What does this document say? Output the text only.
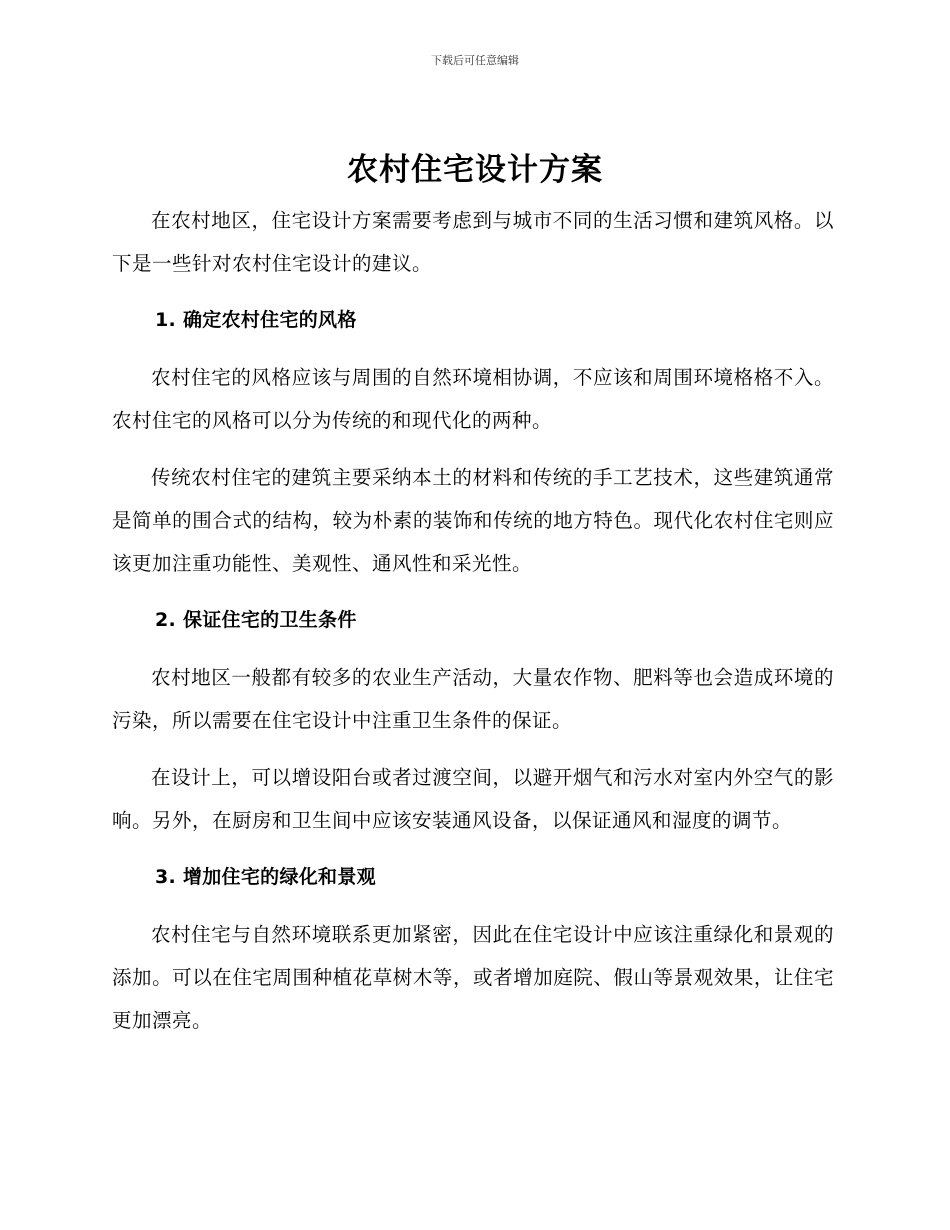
下载后可任意编辑
农村住宅设计方案

在农村地区，住宅设计方案需要考虑到与城市不同的生活习惯和建筑风格。以下是一些针对农村住宅设计的建议。

1. 确定农村住宅的风格

农村住宅的风格应该与周围的自然环境相协调，不应该和周围环境格格不入。农村住宅的风格可以分为传统的和现代化的两种。

传统农村住宅的建筑主要采纳本土的材料和传统的手工艺技术，这些建筑通常是简单的围合式的结构，较为朴素的装饰和传统的地方特色。现代化农村住宅则应该更加注重功能性、美观性、通风性和采光性。

2. 保证住宅的卫生条件

农村地区一般都有较多的农业生产活动，大量农作物、肥料等也会造成环境的污染，所以需要在住宅设计中注重卫生条件的保证。

在设计上，可以增设阳台或者过渡空间，以避开烟气和污水对室内外空气的影响。另外，在厨房和卫生间中应该安装通风设备，以保证通风和湿度的调节。

3. 增加住宅的绿化和景观

农村住宅与自然环境联系更加紧密，因此在住宅设计中应该注重绿化和景观的添加。可以在住宅周围种植花草树木等，或者增加庭院、假山等景观效果，让住宅更加漂亮。
